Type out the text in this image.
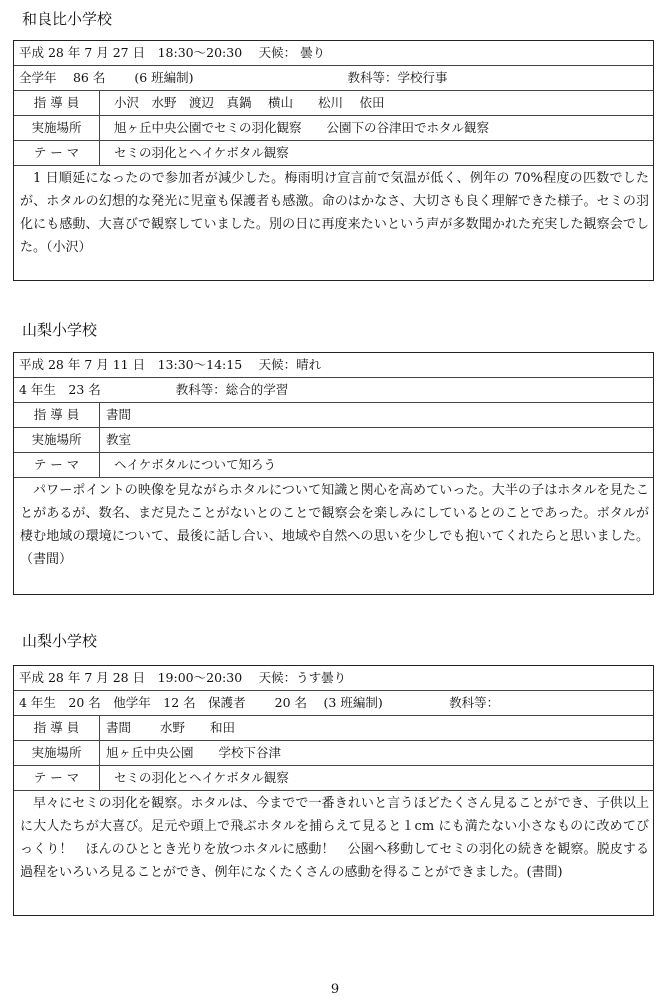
和良比小学校
平成 28 年 7 月 27 日　18:30～20:30　 天候： 曇り
全学年　 86 名　　 (6 班編制)　　　　　　　　　　　　 教科等：学校行事
指 導 員	小沢　水野　渡辺　真鍋　 横山　　松川　 依田
実施場所	旭ヶ丘中央公園でセミの羽化観察　　公園下の谷津田でホタル観察
テ ー マ	セミの羽化とヘイケボタル観察

1 日順延になったので参加者が減少した。梅雨明け宣言前で気温が低く、例年の 70%程度の匹数でしたが、ホタルの幻想的な発光に児童も保護者も感激。命のはかなさ、大切さも良く理解できた様子。セミの羽化にも感動、大喜びで観察していました。別の日に再度来たいという声が多数聞かれた充実した観察会でした。（小沢）

山梨小学校
平成 28 年 7 月 11 日　13:30～14:15　 天候：晴れ
4 年生　23 名　　　　　　教科等：総合的学習
指 導 員	書間
実施場所	教室
テ ー マ	ヘイケボタルについて知ろう

パワーポイントの映像を見ながらホタルについて知識と関心を高めていった。大半の子はホタルを見たことがあるが、数名、まだ見たことがないとのことで観察会を楽しみにしているとのことであった。ボタルが棲む地域の環境について、最後に話し合い、地域や自然への思いを少しでも抱いてくれたらと思いました。（書間）

山梨小学校
平成 28 年 7 月 28 日　19:00～20:30　 天候：うす曇り
4 年生　20 名　他学年　12 名　保護者　　 20 名　 (3 班編制)　　　　　 教科等：
指 導 員	書間　　 水野　　和田
実施場所	旭ヶ丘中央公園　　学校下谷津
テ ー マ	セミの羽化とヘイケボタル観察

早々にセミの羽化を観察。ホタルは、今までで一番きれいと言うほどたくさん見ることができ、子供以上に大人たちが大喜び。足元や頭上で飛ぶホタルを捕らえて見ると１cm にも満たない小さなものに改めてびっくり！　ほんのひととき光りを放つホタルに感動！　公園へ移動してセミの羽化の続きを観察。脱皮する過程をいろいろ見ることができ、例年になくたくさんの感動を得ることができました。(書間)

9
